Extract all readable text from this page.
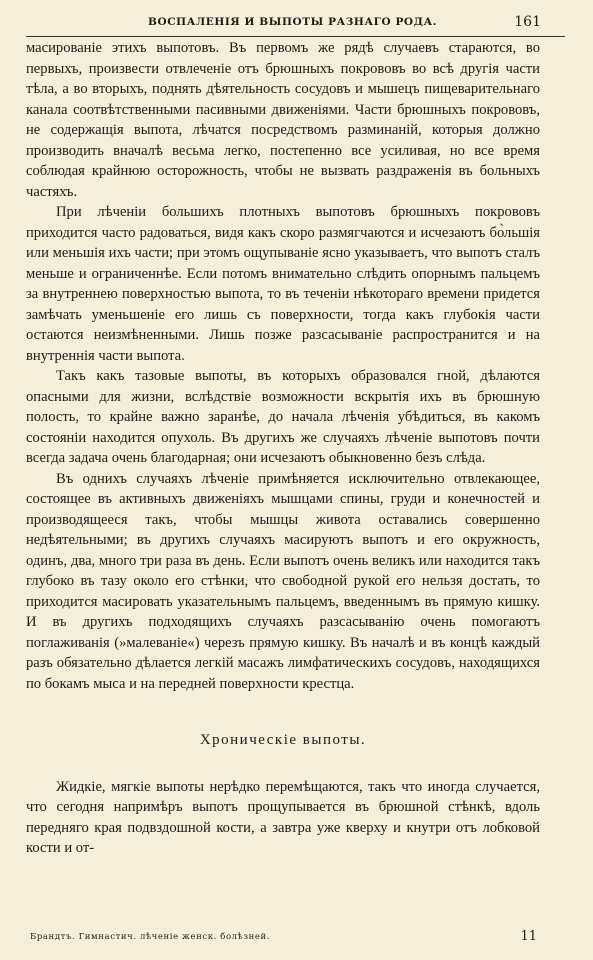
ВОСПАЛЕНІЯ И ВЫПОТЫ РАЗНАГО РОДА.	161

масированіе этихъ выпотовъ. Въ первомъ же рядѣ случаевъ стараются, во первыхъ, произвести отвлеченіе отъ брюшныхъ покрововъ во всѣ другія части тѣла, а во вторыхъ, поднять дѣятельность сосудовъ и мышецъ пищеварительнаго канала соотвѣтственными пасивными движеніями. Части брюшныхъ покрововъ, не содержащія выпота, лѣчатся посредствомъ разминаній, которыя должно производить вначалѣ весьма легко, постепенно все усиливая, но все время соблюдая крайнюю осторожность, чтобы не вызвать раздраженія въ больныхъ частяхъ.

При лѣченіи большихъ плотныхъ выпотовъ брюшныхъ покрововъ приходится часто радоваться, видя какъ скоро размягчаются и исчезаютъ бо̀льшія или меньшія ихъ части; при этомъ ощупываніе ясно указываетъ, что выпотъ сталъ меньше и ограниченнѣе. Если потомъ внимательно слѣдить опорнымъ пальцемъ за внутреннею поверхностью выпота, то въ теченіи нѣкотораго времени придется замѣчать уменьшеніе его лишь съ поверхности, тогда какъ глубокія части остаются неизмѣненными. Лишь позже разсасываніе распространится и на внутреннія части выпота.

Такъ какъ тазовые выпоты, въ которыхъ образовался гной, дѣлаются опасными для жизни, вслѣдствіе возможности вскрытія ихъ въ брюшную полость, то крайне важно заранѣе, до начала лѣченія убѣдиться, въ какомъ состояніи находится опухоль. Въ другихъ же случаяхъ лѣченіе выпотовъ почти всегда задача очень благодарная; они исчезаютъ обыкновенно безъ слѣда.

Въ однихъ случаяхъ лѣченіе примѣняется исключительно отвлекающее, состоящее въ активныхъ движеніяхъ мышцами спины, груди и конечностей и производящееся такъ, чтобы мышцы живота оставались совершенно недѣятельными; въ другихъ случаяхъ масируютъ выпотъ и его окружность, одинъ, два, много три раза въ день. Если выпотъ очень великъ или находится такъ глубоко въ тазу около его стѣнки, что свободной рукой его нельзя достать, то приходится масировать указательнымъ пальцемъ, введеннымъ въ прямую кишку. И въ другихъ подходящихъ случаяхъ разсасыванію очень помогаютъ поглаживанія (»малеваніе«) черезъ прямую кишку. Въ началѣ и въ концѣ каждый разъ обязательно дѣлается легкій масажъ лимфатическихъ сосудовъ, находящихся по бокамъ мыса и на передней поверхности крестца.

Хроническіе выпоты.

Жидкіе, мягкіе выпоты нерѣдко перемѣщаются, такъ что иногда случается, что сегодня напримѣръ выпотъ прощупывается въ брюшной стѣнкѣ, вдоль передняго края подвздошной кости, а завтра уже кверху и кнутри отъ лобковой кости и от-

Брандтъ. Гимнастич. лѣченіе женск. болѣзней.	11
